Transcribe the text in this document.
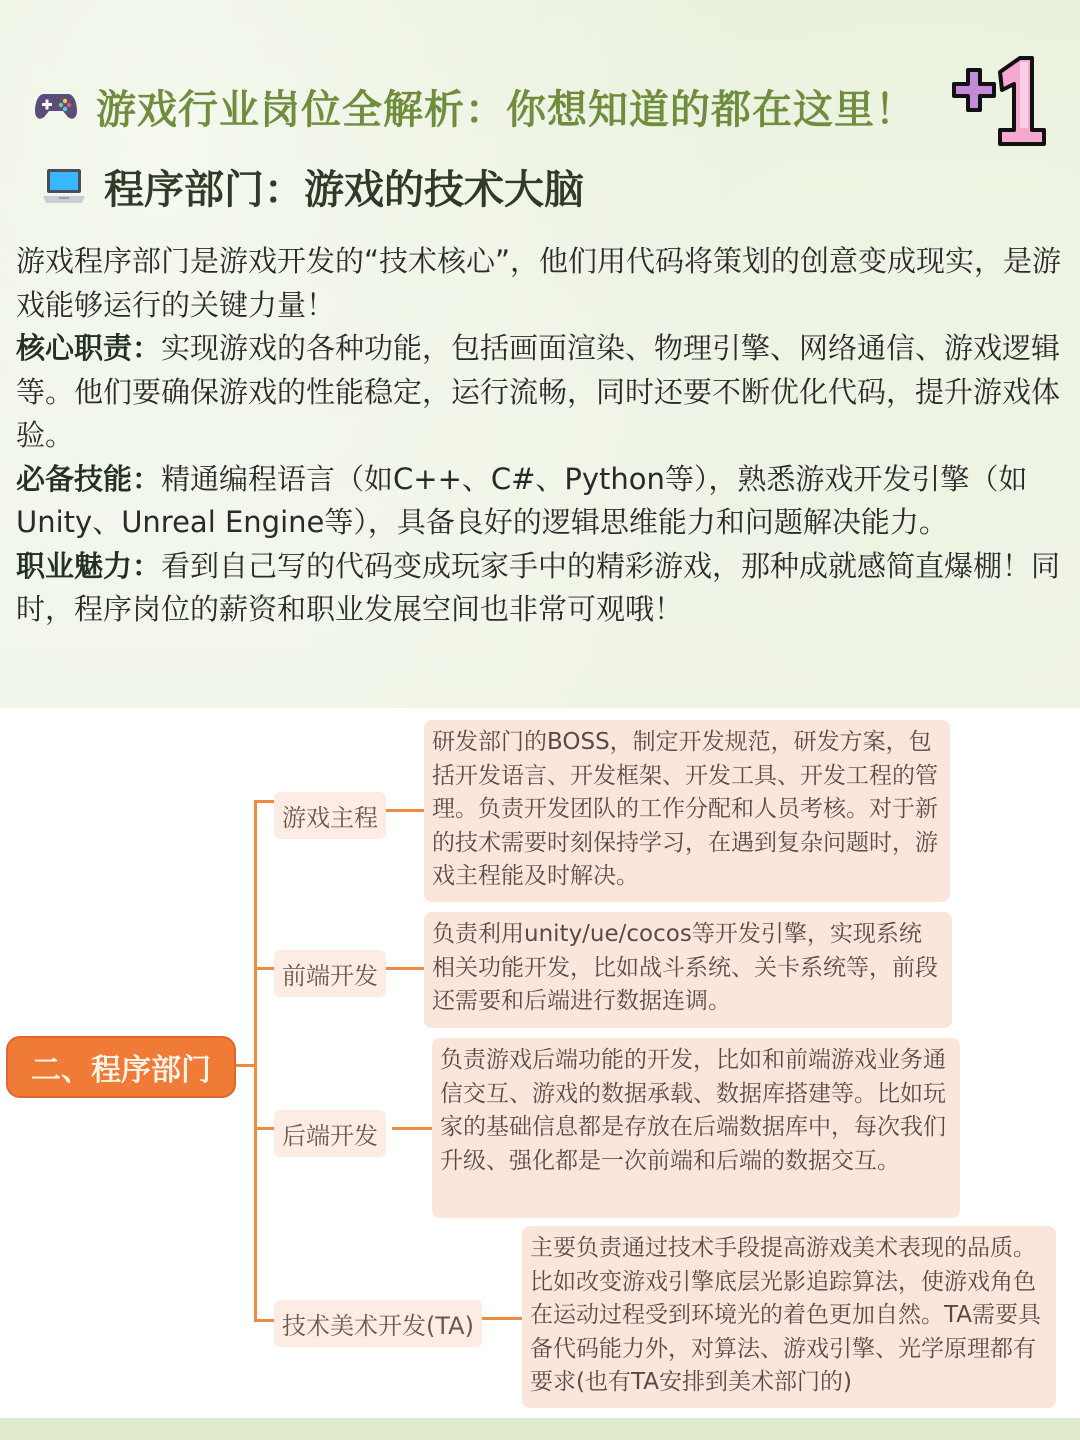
游戏行业岗位全解析：你想知道的都在这里！
程序部门：游戏的技术大脑

游戏程序部门是游戏开发的“技术核心”，他们用代码将策划的创意变成现实，是游戏能够运行的关键力量！

核心职责：实现游戏的各种功能，包括画面渲染、物理引擎、网络通信、游戏逻辑等。他们要确保游戏的性能稳定，运行流畅，同时还要不断优化代码，提升游戏体验。

必备技能：精通编程语言（如C++、C#、Python等），熟悉游戏开发引擎（如Unity、Unreal Engine等），具备良好的逻辑思维能力和问题解决能力。

职业魅力：看到自己写的代码变成玩家手中的精彩游戏，那种成就感简直爆棚！同时，程序岗位的薪资和职业发展空间也非常可观哦！

二、程序部门
游戏主程
前端开发
后端开发
技术美术开发(TA)
研发部门的BOSS，制定开发规范，研发方案，包括开发语言、开发框架、开发工具、开发工程的管理。负责开发团队的工作分配和人员考核。对于新的技术需要时刻保持学习，在遇到复杂问题时，游戏主程能及时解决。
负责利用unity/ue/cocos等开发引擎，实现系统相关功能开发，比如战斗系统、关卡系统等，前段还需要和后端进行数据连调。
负责游戏后端功能的开发，比如和前端游戏业务通信交互、游戏的数据承载、数据库搭建等。比如玩家的基础信息都是存放在后端数据库中，每次我们升级、强化都是一次前端和后端的数据交互。
主要负责通过技术手段提高游戏美术表现的品质。比如改变游戏引擎底层光影追踪算法，使游戏角色在运动过程受到环境光的着色更加自然。TA需要具备代码能力外，对算法、游戏引擎、光学原理都有要求(也有TA安排到美术部门的)
